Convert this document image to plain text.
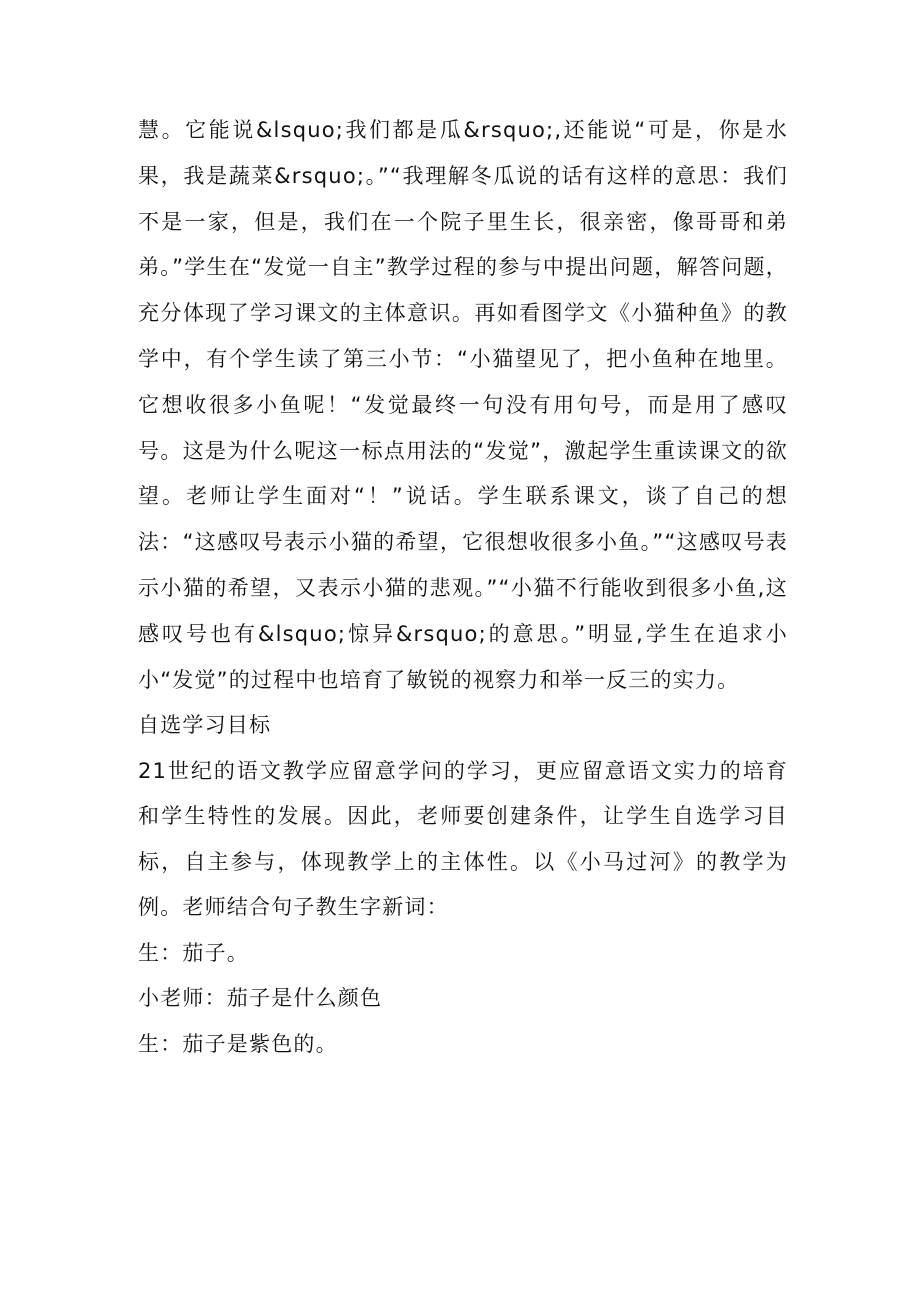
慧。它能说&lsquo;我们都是瓜&rsquo;,还能说“可是，你是水果，我是蔬菜&rsquo;。”“我理解冬瓜说的话有这样的意思：我们不是一家，但是，我们在一个院子里生长，很亲密，像哥哥和弟弟。”学生在“发觉一自主”教学过程的参与中提出问题，解答问题，充分体现了学习课文的主体意识。再如看图学文《小猫种鱼》的教学中，有个学生读了第三小节：“小猫望见了，把小鱼种在地里。它想收很多小鱼呢！“发觉最终一句没有用句号，而是用了感叹号。这是为什么呢这一标点用法的“发觉”，激起学生重读课文的欲望。老师让学生面对“！”说话。学生联系课文，谈了自己的想法：“这感叹号表示小猫的希望，它很想收很多小鱼。”“这感叹号表示小猫的希望，又表示小猫的悲观。”“小猫不行能收到很多小鱼,这感叹号也有&lsquo;惊异&rsquo;的意思。”明显,学生在追求小小“发觉”的过程中也培育了敏锐的视察力和举一反三的实力。

自选学习目标

21世纪的语文教学应留意学问的学习，更应留意语文实力的培育和学生特性的发展。因此，老师要创建条件，让学生自选学习目标，自主参与，体现教学上的主体性。以《小马过河》的教学为例。老师结合句子教生字新词：

生：茄子。

小老师：茄子是什么颜色

生：茄子是紫色的。
